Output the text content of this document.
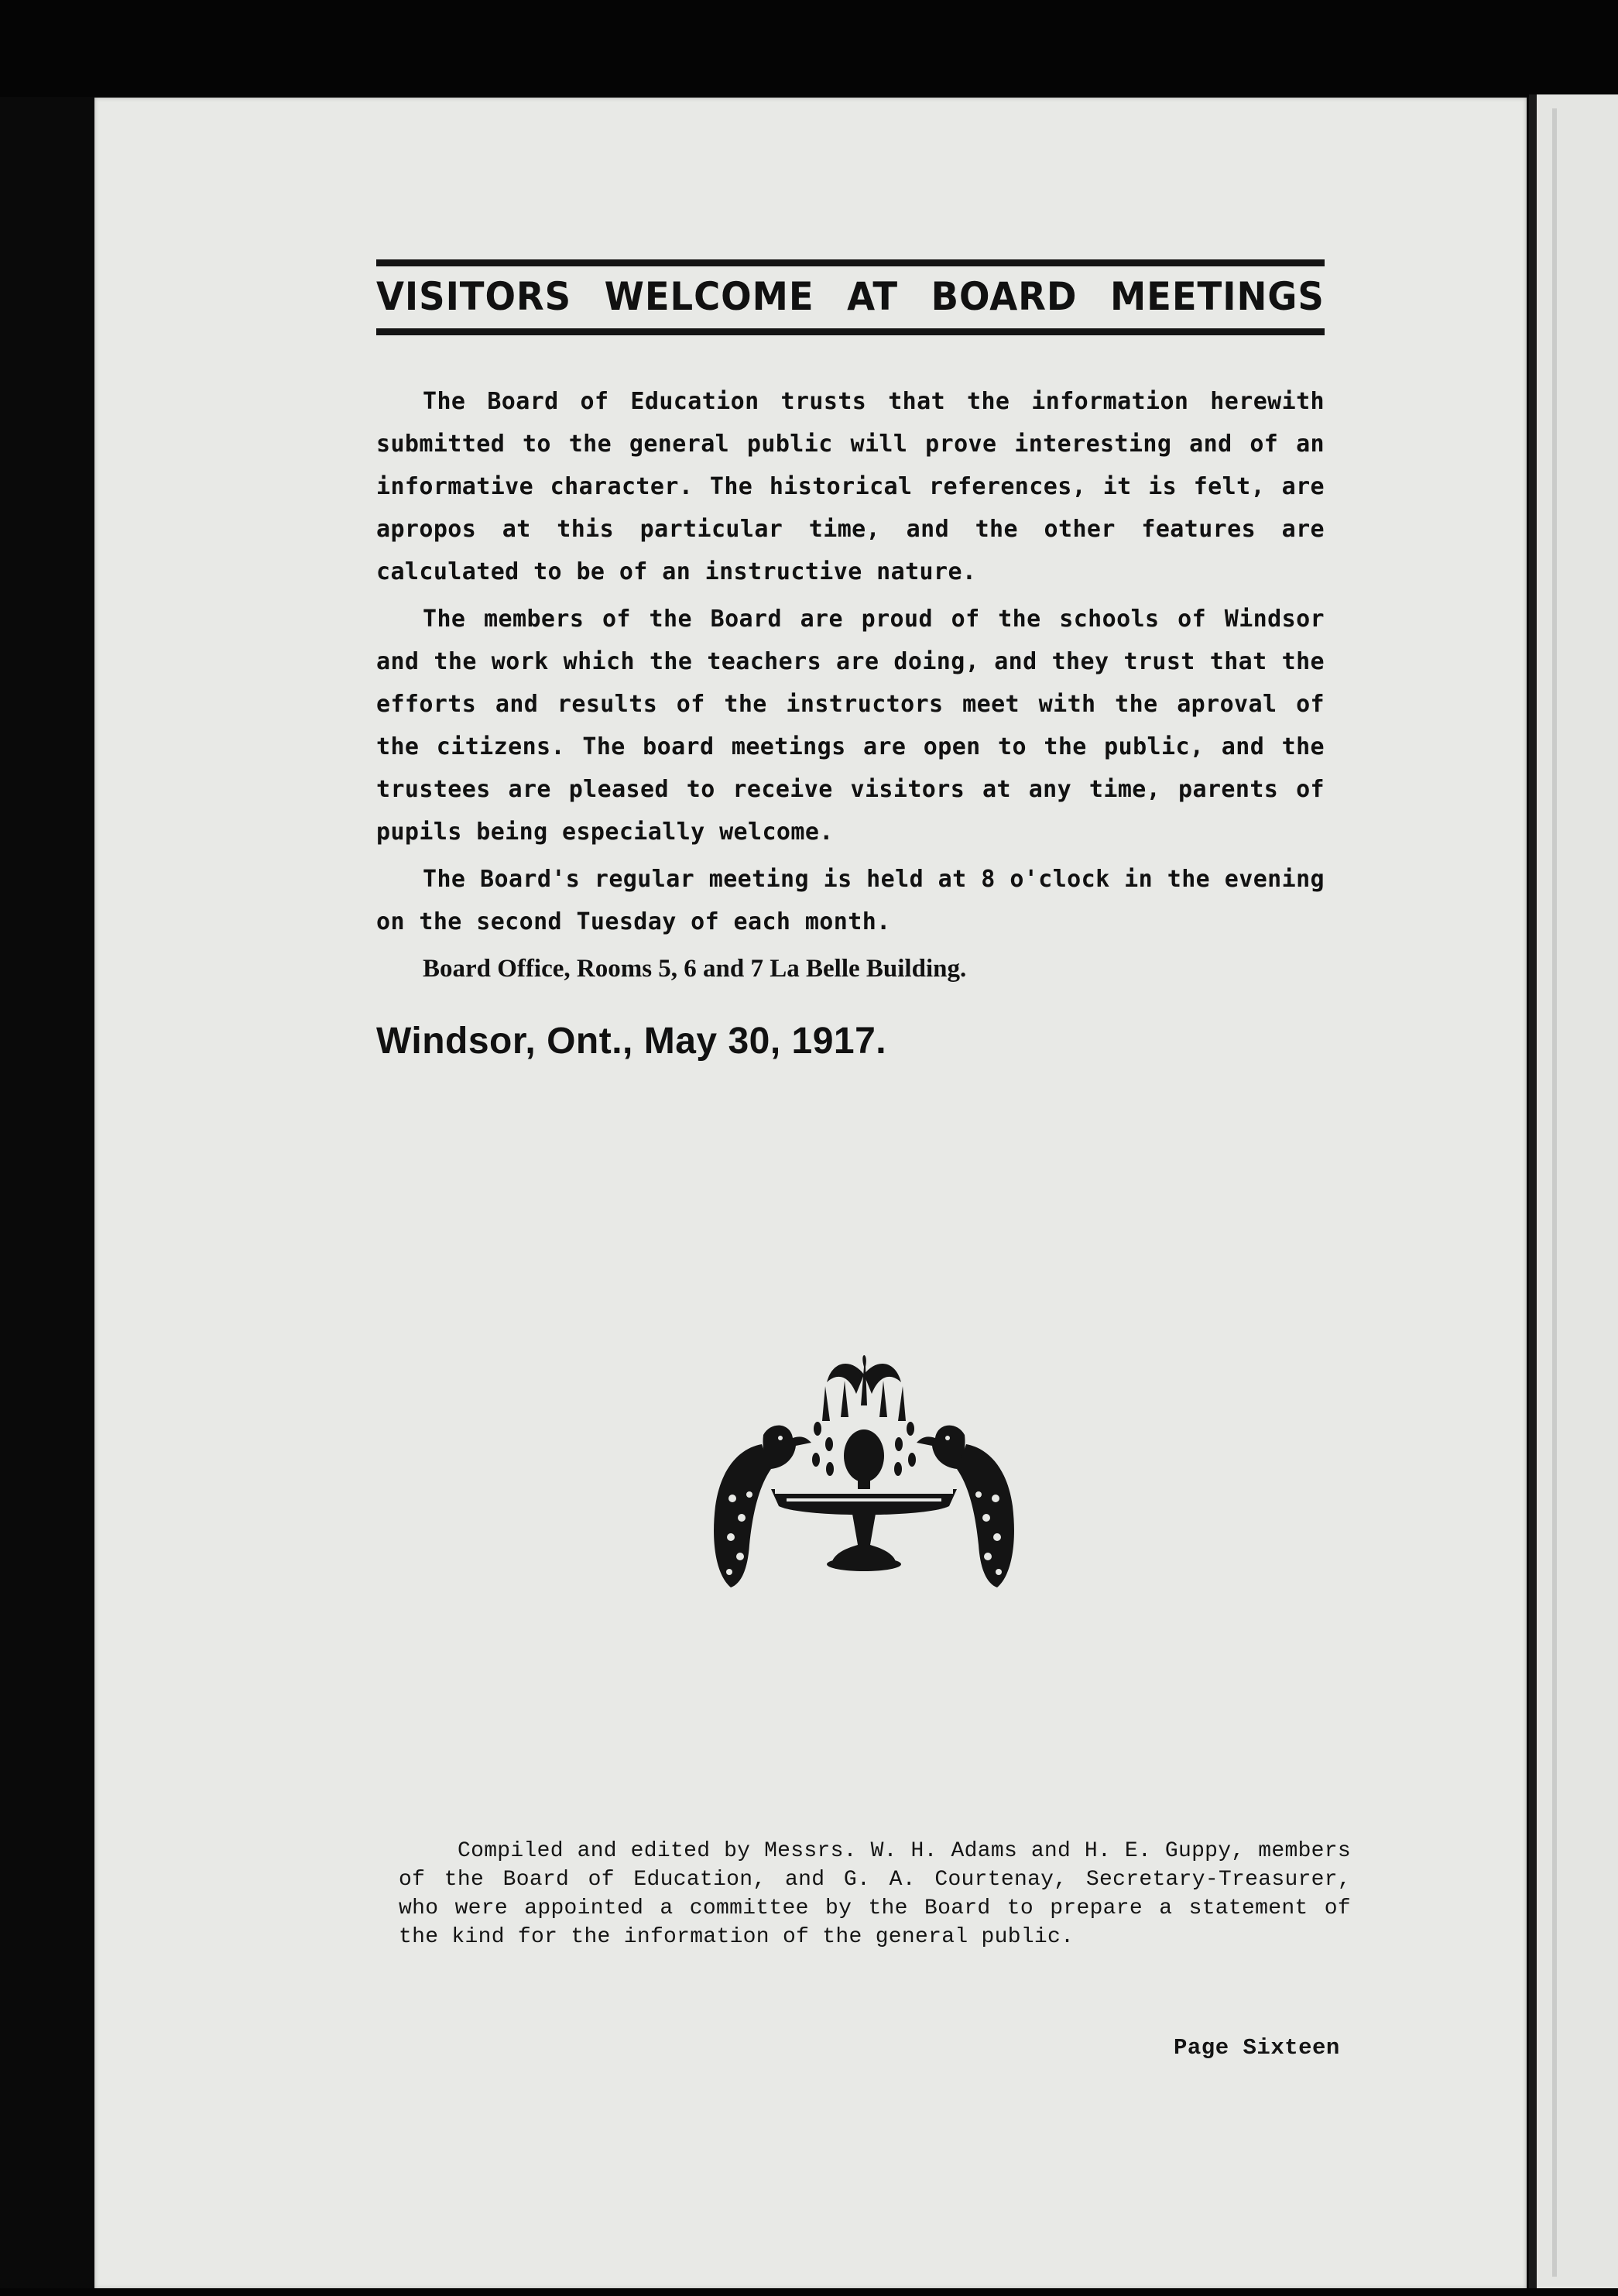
VISITORS WELCOME AT BOARD MEETINGS

The Board of Education trusts that the information herewith submitted to the general public will prove interesting and of an informative character. The historical references, it is felt, are apropos at this particular time, and the other features are calculated to be of an instructive nature.

The members of the Board are proud of the schools of Windsor and the work which the teachers are doing, and they trust that the efforts and results of the instructors meet with the aproval of the citizens. The board meetings are open to the public, and the trustees are pleased to receive visitors at any time, parents of pupils being especially welcome.

The Board's regular meeting is held at 8 o'clock in the evening on the second Tuesday of each month.

Board Office, Rooms 5, 6 and 7 La Belle Building.

Windsor, Ont., May 30, 1917.
Compiled and edited by Messrs. W. H. Adams and H. E. Guppy, members of the Board of Education, and G. A. Courtenay, Secretary-Treasurer, who were appointed a committee by the Board to prepare a statement of the kind for the information of the general public.
Page Sixteen
